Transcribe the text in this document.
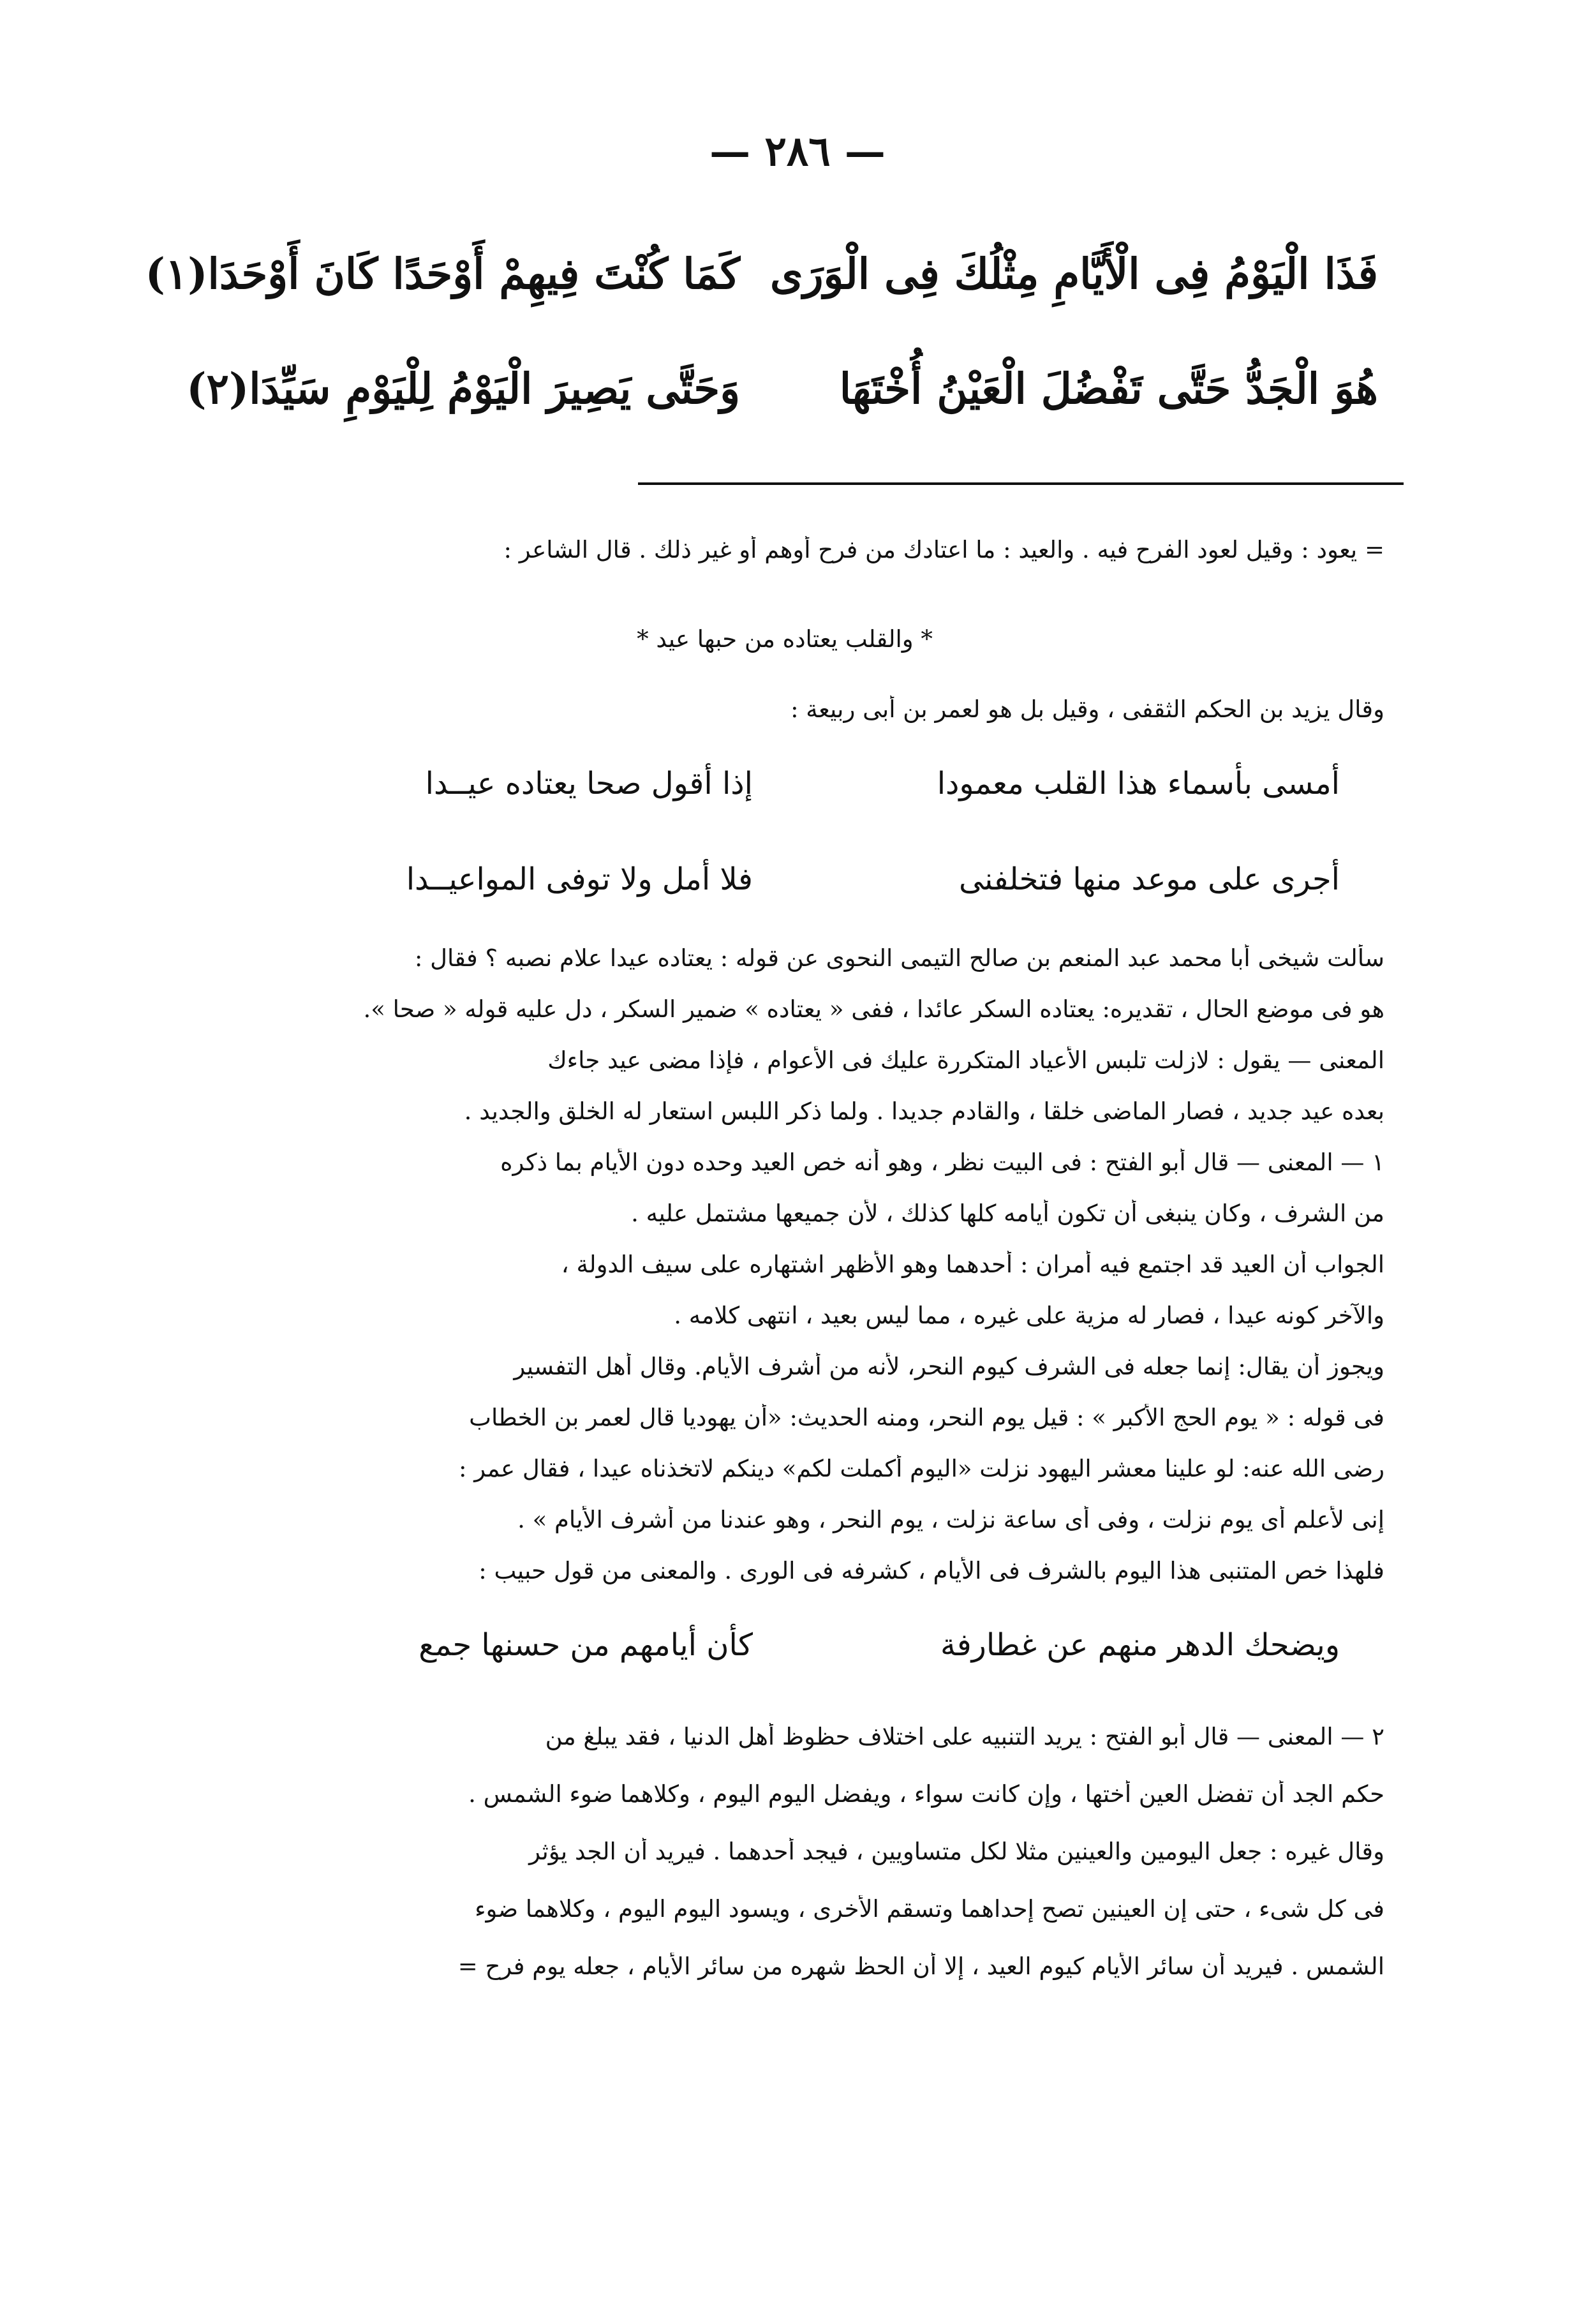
— ٢٨٦ —
فَذَا الْيَوْمُ فِى الْأَيَّامِ مِثْلُكَ فِى الْوَرَى
كَمَا كُنْتَ فِيهِمْ أَوْحَدًا كَانَ أَوْحَدَا(١)
هُوَ الْجَدُّ حَتَّى تَفْضُلَ الْعَيْنُ أُخْتَهَا
وَحَتَّى يَصِيرَ الْيَوْمُ لِلْيَوْمِ سَيِّدَا(٢)
= يعود : وقيل لعود الفرح فيه . والعيد : ما اعتادك من فرح أوهم أو غير ذلك . قال الشاعر :
* والقلب يعتاده من حبها عيد *
وقال يزيد بن الحكم الثقفى ، وقيل بل هو لعمر بن أبى ربيعة :
أمسى بأسماء هذا القلب معمودا
إذا أقول صحا يعتاده عيــدا
أجرى على موعد منها فتخلفنى
فلا أمل ولا توفى المواعيــدا
سألت شيخى أبا محمد عبد المنعم بن صالح التيمى النحوى عن قوله : يعتاده عيدا علام نصبه ؟ فقال :
هو فى موضع الحال ، تقديره: يعتاده السكر عائدا ، ففى « يعتاده » ضمير السكر ، دل عليه قوله « صحا ».
المعنى — يقول : لازلت تلبس الأعياد المتكررة عليك فى الأعوام ، فإذا مضى عيد جاءك
بعده عيد جديد ، فصار الماضى خلقا ، والقادم جديدا . ولما ذكر اللبس استعار له الخلق والجديد .
١ — المعنى — قال أبو الفتح : فى البيت نظر ، وهو أنه خص العيد وحده دون الأيام بما ذكره
من الشرف ، وكان ينبغى أن تكون أيامه كلها كذلك ، لأن جميعها مشتمل عليه .
الجواب أن العيد قد اجتمع فيه أمران : أحدهما وهو الأظهر اشتهاره على سيف الدولة ،
والآخر كونه عيدا ، فصار له مزية على غيره ، مما ليس بعيد ، انتهى كلامه .
ويجوز أن يقال: إنما جعله فى الشرف كيوم النحر، لأنه من أشرف الأيام. وقال أهل التفسير
فى قوله : « يوم الحج الأكبر » : قيل يوم النحر، ومنه الحديث: «أن يهوديا قال لعمر بن الخطاب
رضى الله عنه: لو علينا معشر اليهود نزلت «اليوم أكملت لكم» دينكم لاتخذناه عيدا ، فقال عمر :
إنى لأعلم أى يوم نزلت ، وفى أى ساعة نزلت ، يوم النحر ، وهو عندنا من أشرف الأيام » .
فلهذا خص المتنبى هذا اليوم بالشرف فى الأيام ، كشرفه فى الورى . والمعنى من قول حبيب :
ويضحك الدهر منهم عن غطارفة
كأن أيامهم من حسنها جمع
٢ — المعنى — قال أبو الفتح : يريد التنبيه على اختلاف حظوظ أهل الدنيا ، فقد يبلغ من
حكم الجد أن تفضل العين أختها ، وإن كانت سواء ، ويفضل اليوم اليوم ، وكلاهما ضوء الشمس .
وقال غيره : جعل اليومين والعينين مثلا لكل متساويين ، فيجد أحدهما . فيريد أن الجد يؤثر
فى كل شىء ، حتى إن العينين تصح إحداهما وتسقم الأخرى ، ويسود اليوم اليوم ، وكلاهما ضوء
الشمس . فيريد أن سائر الأيام كيوم العيد ، إلا أن الحظ شهره من سائر الأيام ، جعله يوم فرح =
